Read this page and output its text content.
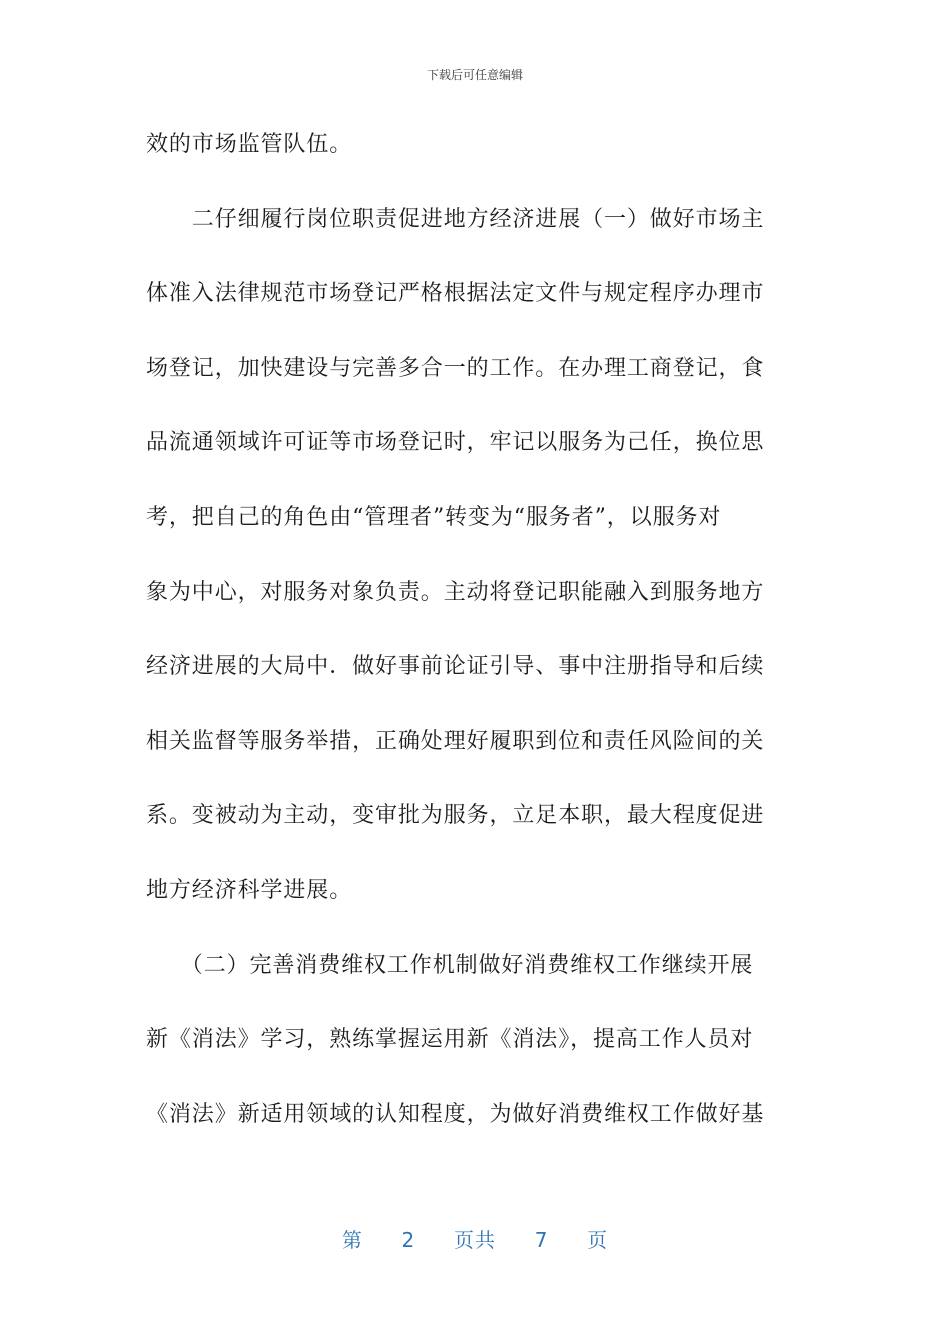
下载后可任意编辑
效的市场监管队伍。
　　二仔细履行岗位职责促进地方经济进展（一）做好市场主
体准入法律规范市场登记严格根据法定文件与规定程序办理市
场登记，加快建设与完善多合一的工作。在办理工商登记，食
品流通领域许可证等市场登记时，牢记以服务为己任，换位思
考，把自己的角色由“管理者”转变为“服务者”，以服务对
象为中心，对服务对象负责。主动将登记职能融入到服务地方
经济进展的大局中．做好事前论证引导、事中注册指导和后续
相关监督等服务举措，正确处理好履职到位和责任风险间的关
系。变被动为主动，变审批为服务，立足本职，最大程度促进
地方经济科学进展。
　　（二）完善消费维权工作机制做好消费维权工作继续开展
新《消法》学习，熟练掌握运用新《消法》，提高工作人员对
《消法》新适用领域的认知程度，为做好消费维权工作做好基
第 2 页共 7 页
